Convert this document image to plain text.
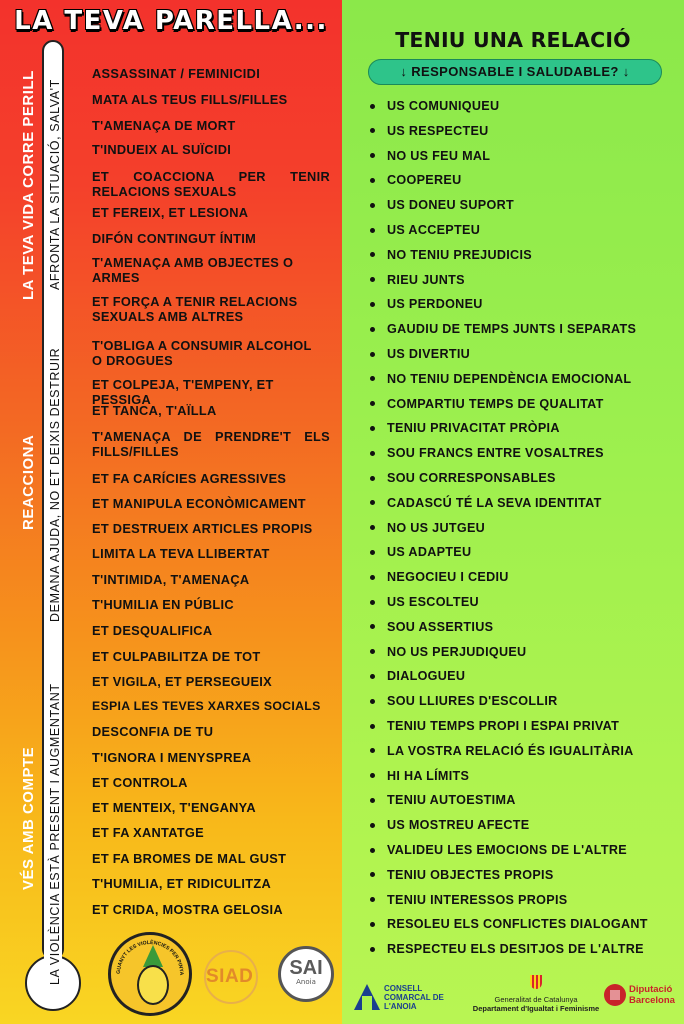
LA TEVA PARELLA...
LA TEVA VIDA CORRE PERILL
REACCIONA
VÉS AMB COMPTE
AFRONTA LA SITUACIÓ, SALVA'T
DEMANA AJUDA, NO ET DEIXIS DESTRUIR
LA VIOLÈNCIA ESTÀ PRESENT I AUGMENTANT
ASSASSINAT / FEMINICIDI
MATA ALS TEUS FILLS/FILLES
T'AMENAÇA DE MORT
T'INDUEIX AL SUÏCIDI
ET COACCIONA PER TENIR RELACIONS SEXUALS
ET FEREIX, ET LESIONA
DIFÓN CONTINGUT ÍNTIM
T'AMENAÇA AMB OBJECTES O ARMES
ET FORÇA A TENIR RELACIONS SEXUALS AMB ALTRES
T'OBLIGA A CONSUMIR ALCOHOL O DROGUES
ET COLPEJA, T'EMPENY, ET PESSIGA
ET TANCA, T'AÏLLA
T'AMENAÇA DE PRENDRE'T ELS FILLS/FILLES
ET FA CARÍCIES AGRESSIVES
ET MANIPULA ECONÒMICAMENT
ET DESTRUEIX ARTICLES PROPIS
LIMITA LA TEVA LLIBERTAT
T'INTIMIDA, T'AMENAÇA
T'HUMILIA EN PÚBLIC
ET DESQUALIFICA
ET CULPABILITZA DE TOT
ET VIGILA, ET PERSEGUEIX
ESPIA LES TEVES XARXES SOCIALS
DESCONFIA DE TU
T'IGNORA I MENYSPREA
ET CONTROLA
ET MENTEIX, T'ENGANYA
ET FA XANTATGE
ET FA BROMES DE MAL GUST
T'HUMILIA, ET RIDICULITZA
ET CRIDA, MOSTRA GELOSIA
GUANYT LES VIOLÈNCIES PER PINYA SIAD	SAI
Anoia
TENIU UNA RELACIÓ
↓ RESPONSABLE I SALUDABLE? ↓
US COMUNIQUEU
US RESPECTEU
NO US FEU MAL
COOPEREU
US DONEU SUPORT
US ACCEPTEU
NO TENIU PREJUDICIS
RIEU JUNTS
US PERDONEU
GAUDIU DE TEMPS JUNTS I SEPARATS
US DIVERTIU
NO TENIU DEPENDÈNCIA EMOCIONAL
COMPARTIU TEMPS DE QUALITAT
TENIU PRIVACITAT PRÒPIA
SOU FRANCS ENTRE VOSALTRES
SOU CORRESPONSABLES
CADASCÚ TÉ LA SEVA IDENTITAT
NO US JUTGEU
US ADAPTEU
NEGOCIEU I CEDIU
US ESCOLTEU
SOU ASSERTIUS
NO US PERJUDIQUEU
DIALOGUEU
SOU LLIURES D'ESCOLLIR
TENIU TEMPS PROPI I ESPAI PRIVAT
LA VOSTRA RELACIÓ ÉS IGUALITÀRIA
HI HA LÍMITS
TENIU AUTOESTIMA
US MOSTREU AFECTE
VALIDEU LES EMOCIONS DE L'ALTRE
TENIU OBJECTES PROPIS
TENIU INTERESSOS PROPIS
RESOLEU ELS CONFLICTES DIALOGANT
RESPECTEU ELS DESITJOS DE L'ALTRE
CONSELL COMARCAL DE L'ANOIA
Generalitat de Catalunya
Departament d'Igualtat i Feminisme
Diputació Barcelona
